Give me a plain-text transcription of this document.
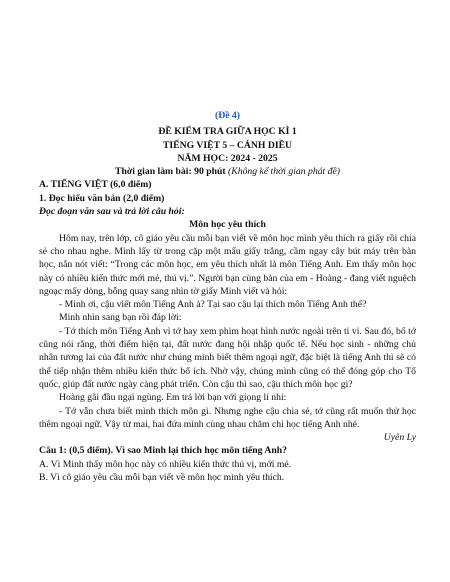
(Đề 4)
ĐỀ KIỂM TRA GIỮA HỌC KÌ 1
TIẾNG VIỆT 5 – CÁNH DIỀU
NĂM HỌC: 2024 - 2025
Thời gian làm bài: 90 phút (Không kể thời gian phát đề)
A. TIẾNG VIỆT (6,0 điểm)
1. Đọc hiểu văn bản (2,0 điểm)
Đọc đoạn văn sau và trả lời câu hỏi:
Môn học yêu thích

Hôm nay, trên lớp, cô giáo yêu cầu mỗi bạn viết về môn học mình yêu thích ra giấy rồi chia sẻ cho nhau nghe. Minh lấy từ trong cặp một mẩu giấy trắng, cầm ngay cây bút máy trên bàn học, nắn nót viết: “Trong các môn học, em yêu thích nhất là môn Tiếng Anh. Em thấy môn học này có nhiều kiến thức mới mẻ, thú vị.”. Người bạn cùng bàn của em - Hoàng - đang viết nguệch ngoạc mấy dòng, bỗng quay sang nhìn tờ giấy Minh viết và hỏi:

- Minh ơi, cậu viết môn Tiếng Anh à? Tại sao cậu lại thích môn Tiếng Anh thế?

Minh nhìn sang bạn rồi đáp lời:

- Tớ thích môn Tiếng Anh vì tớ hay xem phim hoạt hình nước ngoài trên ti vi. Sau đó, bố tớ cũng nói rằng, thời điểm hiện tại, đất nước đang hội nhập quốc tế. Nếu học sinh - những chủ nhân tương lai của đất nước như chúng mình biết thêm ngoại ngữ, đặc biệt là tiếng Anh thì sẽ có thể tiếp nhận thêm nhiều kiến thức bổ ích. Nhờ vậy, chúng mình cũng có thể đóng góp cho Tổ quốc, giúp đất nước ngày càng phát triển. Còn cậu thì sao, cậu thích môn học gì?

Hoàng gãi đầu ngại ngùng. Em trả lời bạn với giọng lí nhí:

- Tớ vẫn chưa biết mình thích môn gì. Nhưng nghe cậu chia sẻ, tớ cũng rất muốn thử học thêm ngoại ngữ. Vậy từ mai, hai đứa mình cùng nhau chăm chỉ học tiếng Anh nhé.

Uyên Ly
Câu 1: (0,5 điểm). Vì sao Minh lại thích học môn tiếng Anh?
A. Vì Minh thấy môn học này có nhiều kiến thức thú vị, mới mẻ.
B. Vì cô giáo yêu cầu mỗi bạn viết về môn học mình yêu thích.
